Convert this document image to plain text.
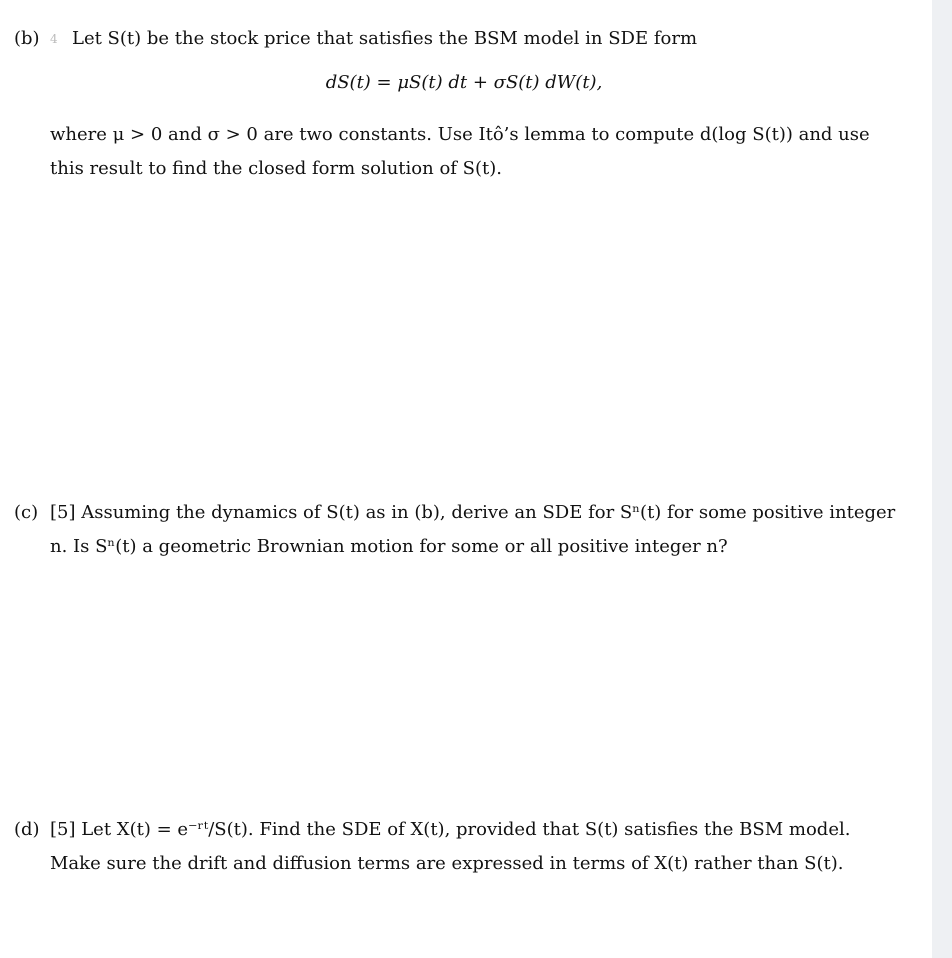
(b) 4 Let S(t) be the stock price that satisfies the BSM model in SDE form
dS(t) = μS(t) dt + σS(t) dW(t),
where μ > 0 and σ > 0 are two constants. Use Itô’s lemma to compute d(log S(t)) and use
this result to find the closed form solution of S(t).
(c) [5] Assuming the dynamics of S(t) as in (b), derive an SDE for Sⁿ(t) for some positive integer
n. Is Sⁿ(t) a geometric Brownian motion for some or all positive integer n?
(d) [5] Let X(t) = e⁻ʳᵗ/S(t). Find the SDE of X(t), provided that S(t) satisfies the BSM model.
Make sure the drift and diffusion terms are expressed in terms of X(t) rather than S(t).
